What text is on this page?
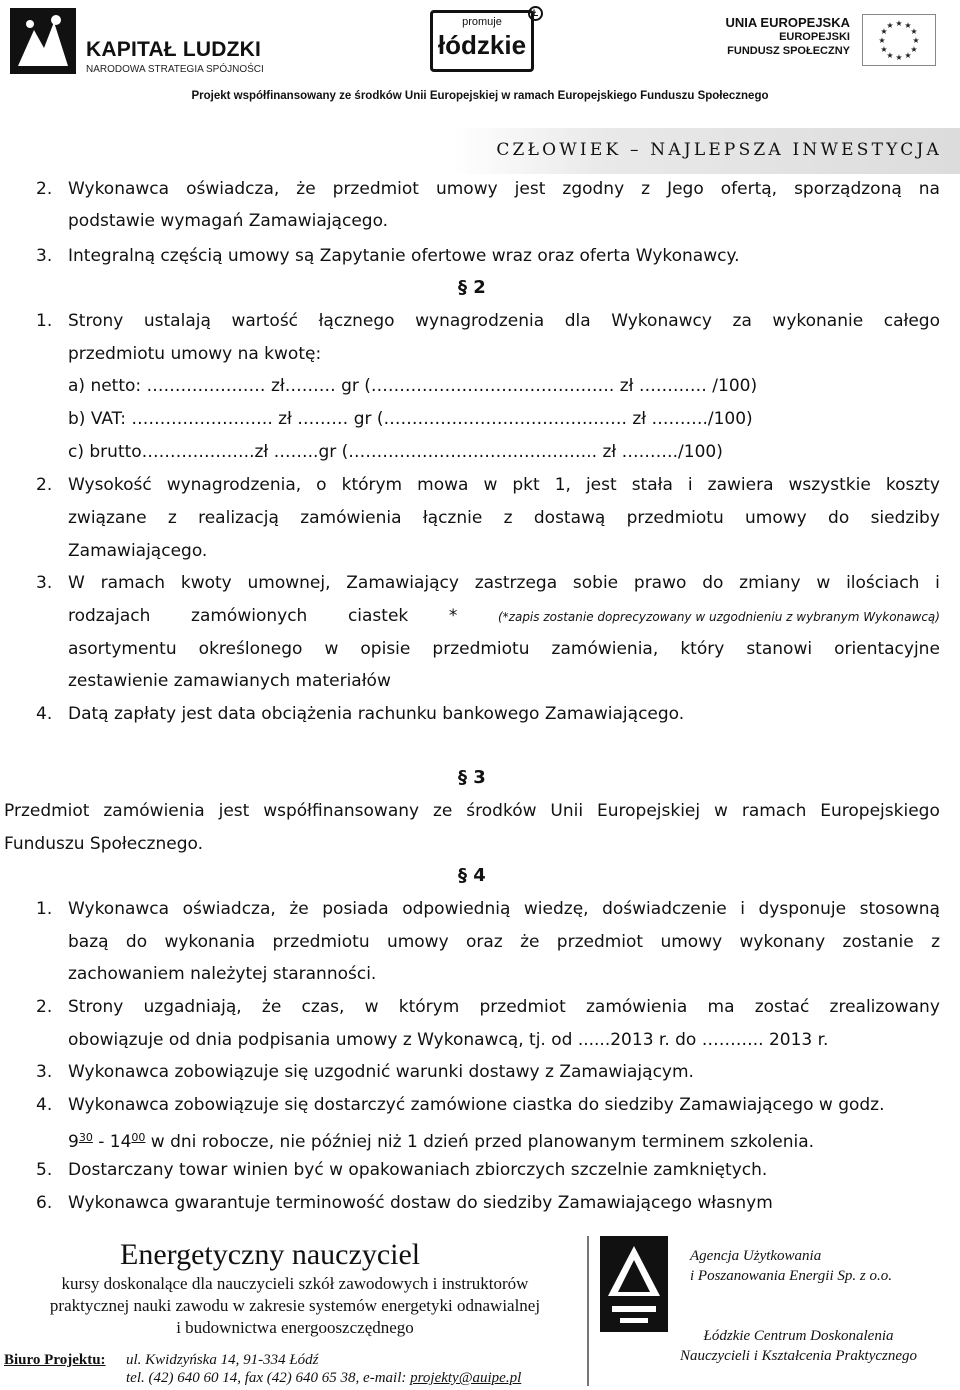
KAPITAŁ LUDZKI
NARODOWA STRATEGIA SPÓJNOŚCI
promuje
łódzkie
Ł
UNIA EUROPEJSKA
EUROPEJSKI
FUNDUSZ SPOŁECZNY
★ ★
★
★
★
★
★
★
★
★
★
★
Projekt współfinansowany ze środków Unii Europejskiej w ramach Europejskiego Funduszu Społecznego
CZŁOWIEK – NAJLEPSZA INWESTYCJA
2. Wykonawca oświadcza, że przedmiot umowy jest zgodny z Jego ofertą, sporządzoną na
podstawie wymagań Zamawiającego.
3. Integralną częścią umowy są Zapytanie ofertowe wraz oraz oferta Wykonawcy.
§ 2
1. Strony ustalają wartość łącznego wynagrodzenia dla Wykonawcy za wykonanie całego
przedmiotu umowy na kwotę:
a) netto: ………………… zł……… gr (……………………………………. zł ………… /100)
b) VAT: ……………………. zł ……… gr (……………………………………. zł ………./100)
c) brutto………………..zł ……..gr (…………………………………….. zł ………./100)
2. Wysokość wynagrodzenia, o którym mowa w pkt 1, jest stała i zawiera wszystkie koszty
związane z realizacją zamówienia łącznie z dostawą przedmiotu umowy do siedziby
Zamawiającego.
3. W ramach kwoty umownej, Zamawiający zastrzega sobie prawo do zmiany w ilościach i
rodzajach zamówionych ciastek *	(*zapis zostanie doprecyzowany w uzgodnieniu z wybranym Wykonawcą)
asortymentu określonego w opisie przedmiotu zamówienia, który stanowi orientacyjne
zestawienie zamawianych materiałów
4. Datą zapłaty jest data obciążenia rachunku bankowego Zamawiającego.
§ 3
Przedmiot zamówienia jest współfinansowany ze środków Unii Europejskiej w ramach Europejskiego
Funduszu Społecznego.
§ 4
1. Wykonawca oświadcza, że posiada odpowiednią wiedzę, doświadczenie i dysponuje stosowną
bazą do wykonania przedmiotu umowy oraz że przedmiot umowy wykonany zostanie z
zachowaniem należytej staranności.
2. Strony uzgadniają, że czas, w którym przedmiot zamówienia ma zostać zrealizowany
obowiązuje od dnia podpisania umowy z Wykonawcą, tj. od ......2013 r. do ……….. 2013 r.
3. Wykonawca zobowiązuje się uzgodnić warunki dostawy z Zamawiającym.
4. Wykonawca zobowiązuje się dostarczyć zamówione ciastka do siedziby Zamawiającego w godz.
$9^{30} - 14^{00}$ w dni robocze, nie później niż 1 dzień przed planowanym terminem szkolenia.
5. Dostarczany towar winien być w opakowaniach zbiorczych szczelnie zamkniętych.
6. Wykonawca gwarantuje terminowość dostaw do siedziby Zamawiającego własnym
Energetyczny nauczyciel
kursy doskonalące dla nauczycieli szkół zawodowych i instruktorów
praktycznej nauki zawodu w zakresie systemów energetyki odnawialnej
i budownictwa energooszczędnego
Agencja Użytkowania
i Poszanowania Energii Sp. z o.o.
Łódzkie Centrum Doskonalenia
Nauczycieli i Kształcenia Praktycznego
Biuro Projektu: ul. Kwidzyńska 14, 91-334 Łódź
tel. (42) 640 60 14, fax (42) 640 65 38, e-mail: projekty@auipe.pl
